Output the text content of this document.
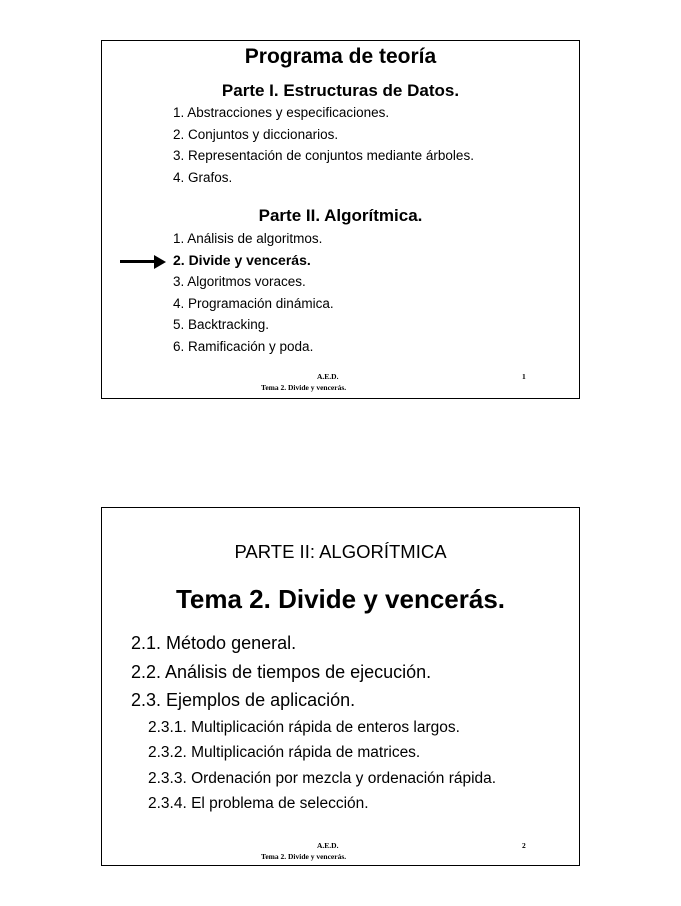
Programa de teoría
Parte I. Estructuras de Datos.
1. Abstracciones y especificaciones.
2. Conjuntos y diccionarios.
3. Representación de conjuntos mediante árboles.
4. Grafos.
Parte II. Algorítmica.
1. Análisis de algoritmos.
2. Divide y vencerás.
3. Algoritmos voraces.
4. Programación dinámica.
5. Backtracking.
6. Ramificación y poda.
A.E.D.	1
Tema 2. Divide y vencerás.
PARTE II: ALGORÍTMICA
Tema 2. Divide y vencerás.
2.1. Método general.
2.2. Análisis de tiempos de ejecución.
2.3. Ejemplos de aplicación.
2.3.1. Multiplicación rápida de enteros largos.
2.3.2. Multiplicación rápida de matrices.
2.3.3. Ordenación por mezcla y ordenación rápida.
2.3.4. El problema de selección.
A.E.D.	2
Tema 2. Divide y vencerás.
